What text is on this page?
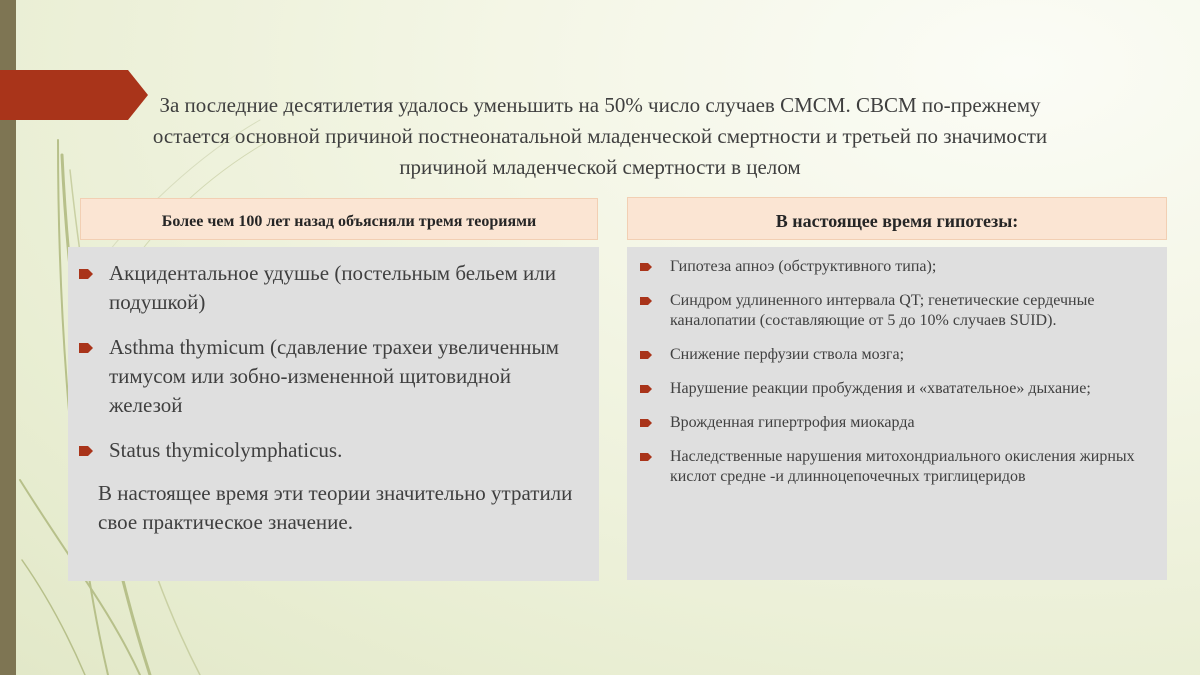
За последние десятилетия удалось уменьшить на 50% число случаев СМСМ. СВСМ по-прежнему остается основной причиной постнеонатальной младенческой смертности и третьей по значимости причиной младенческой смертности в целом
Более чем 100 лет назад объясняли тремя теориями	В настоящее время гипотезы:
Акцидентальное удушье (постельным бельем или подушкой)
Asthma thymicum (сдавление трахеи увеличенным тимусом или зобно-измененной щитовидной железой
Status thymicolymphaticus.
В настоящее время эти теории значительно утратили свое практическое значение.
Гипотеза апноэ (обструктивного типа);
Синдром удлиненного интервала QT; генетические сердечные каналопатии (составляющие от 5 до 10% случаев SUID).
Снижение перфузии ствола мозга;
Нарушение реакции пробуждения и «хватательное» дыхание;
Врожденная гипертрофия миокарда
Наследственные нарушения митохондриального окисления жирных кислот средне -и длинноцепочечных триглицеридов
